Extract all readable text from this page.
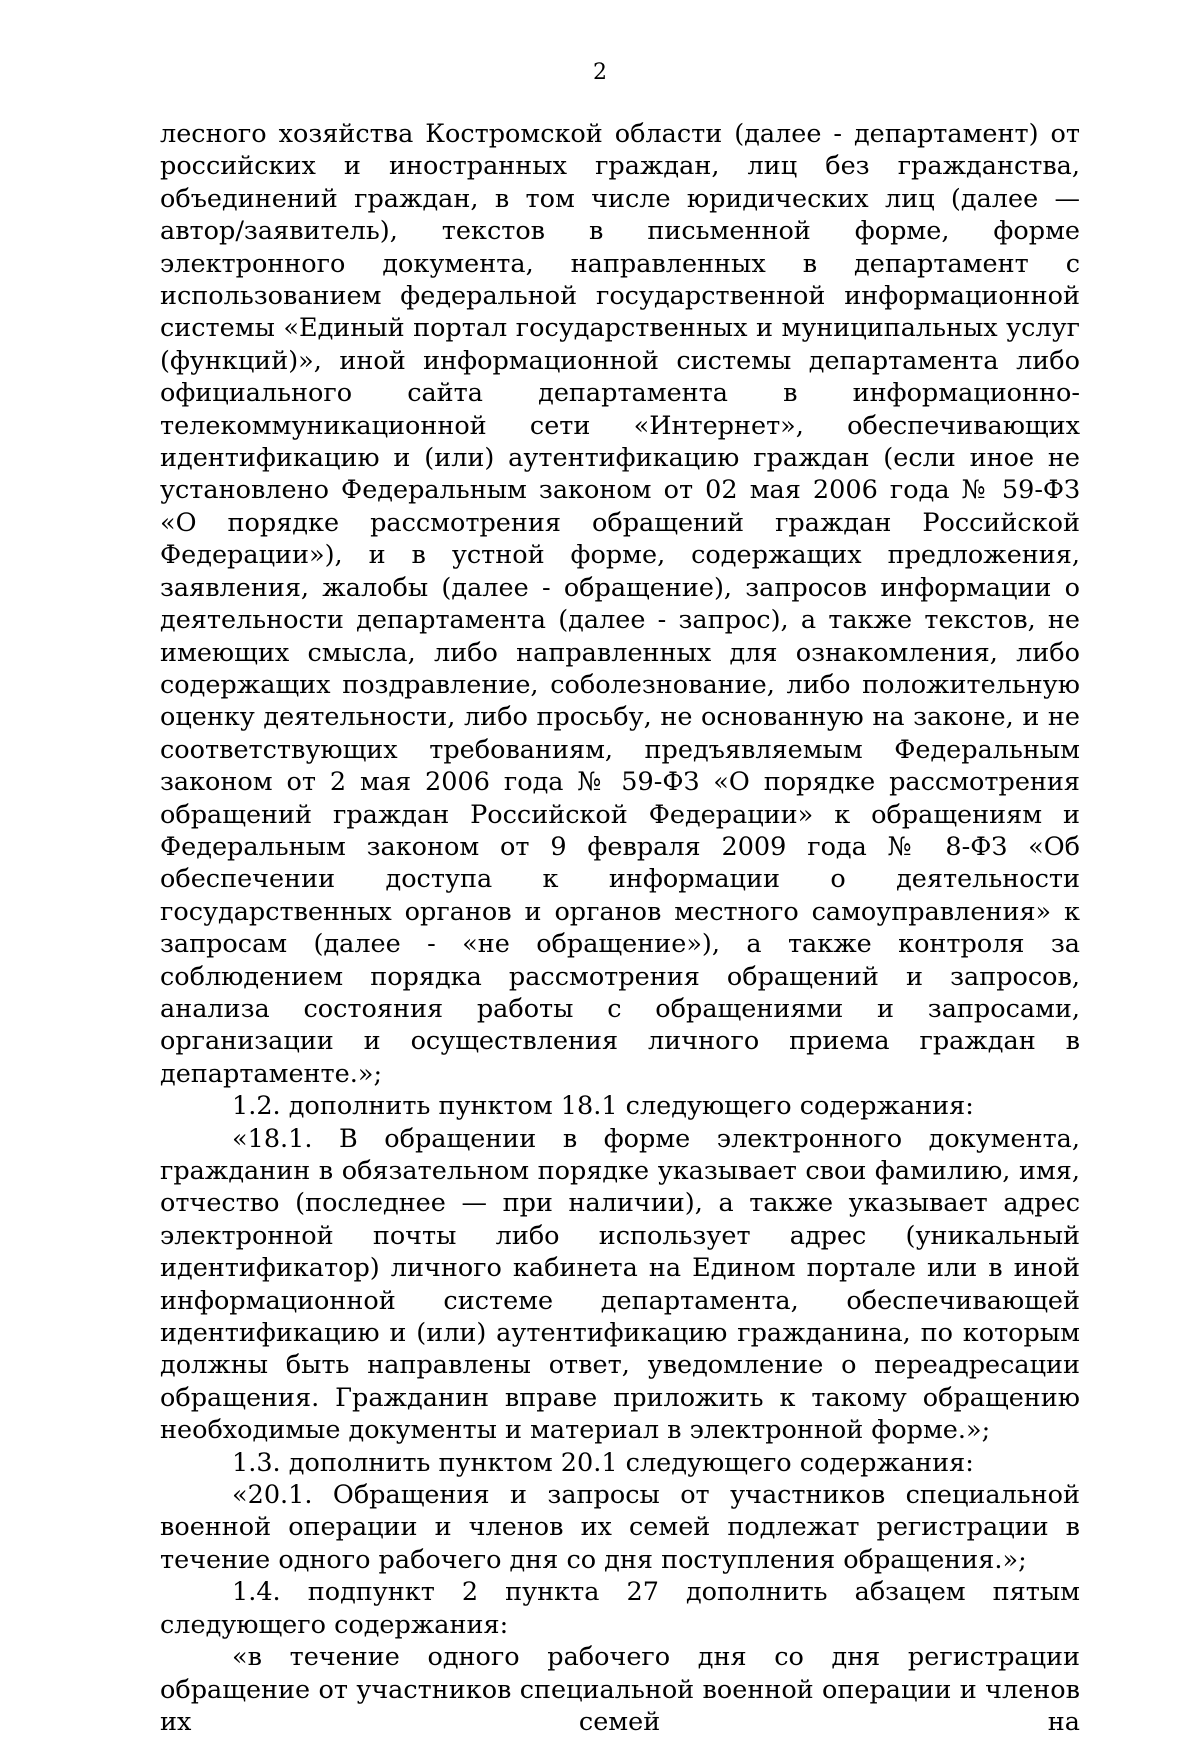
2

лесного хозяйства Костромской области (далее - департамент) от российских и иностранных граждан, лиц без гражданства, объединений граждан, в том числе юридических лиц (далее — автор/заявитель), текстов в письменной форме, форме электронного документа, направленных в департамент с использованием федеральной государственной информационной системы «Единый портал государственных и муниципальных услуг (функций)», иной информационной системы департамента либо официального сайта департамента в информационно-телекоммуникационной сети «Интернет», обеспечивающих идентификацию и (или) аутентификацию граждан (если иное не установлено Федеральным законом от 02 мая 2006 года № 59-ФЗ «О порядке рассмотрения обращений граждан Российской Федерации»), и в устной форме, содержащих предложения, заявления, жалобы (далее - обращение), запросов информации о деятельности департамента (далее - запрос), а также текстов, не имеющих смысла, либо направленных для ознакомления, либо содержащих поздравление, соболезнование, либо положительную оценку деятельности, либо просьбу, не основанную на законе, и не соответствующих требованиям, предъявляемым Федеральным законом от 2 мая 2006 года № 59-ФЗ «О порядке рассмотрения обращений граждан Российской Федерации» к обращениям и Федеральным законом от 9 февраля 2009 года № 8-ФЗ «Об обеспечении доступа к информации о деятельности государственных органов и органов местного самоуправления» к запросам (далее - «не обращение»), а также контроля за соблюдением порядка рассмотрения обращений и запросов, анализа состояния работы с обращениями и запросами, организации и осуществления личного приема граждан в департаменте.»;

1.2. дополнить пунктом 18.1 следующего содержания:

«18.1. В обращении в форме электронного документа, гражданин в обязательном порядке указывает свои фамилию, имя, отчество (последнее — при наличии), а также указывает адрес электронной почты либо использует адрес (уникальный идентификатор) личного кабинета на Едином портале или в иной информационной системе департамента, обеспечивающей идентификацию и (или) аутентификацию гражданина, по которым должны быть направлены ответ, уведомление о переадресации обращения. Гражданин вправе приложить к такому обращению необходимые документы и материал в электронной форме.»;

1.3. дополнить пунктом 20.1 следующего содержания:

«20.1. Обращения и запросы от участников специальной военной операции и членов их семей подлежат регистрации в течение одного рабочего дня со дня поступления обращения.»;

1.4. подпункт 2 пункта 27 дополнить абзацем пятым следующего содержания:

«в течение одного рабочего дня со дня регистрации обращение от участников специальной военной операции и членов их семей на
